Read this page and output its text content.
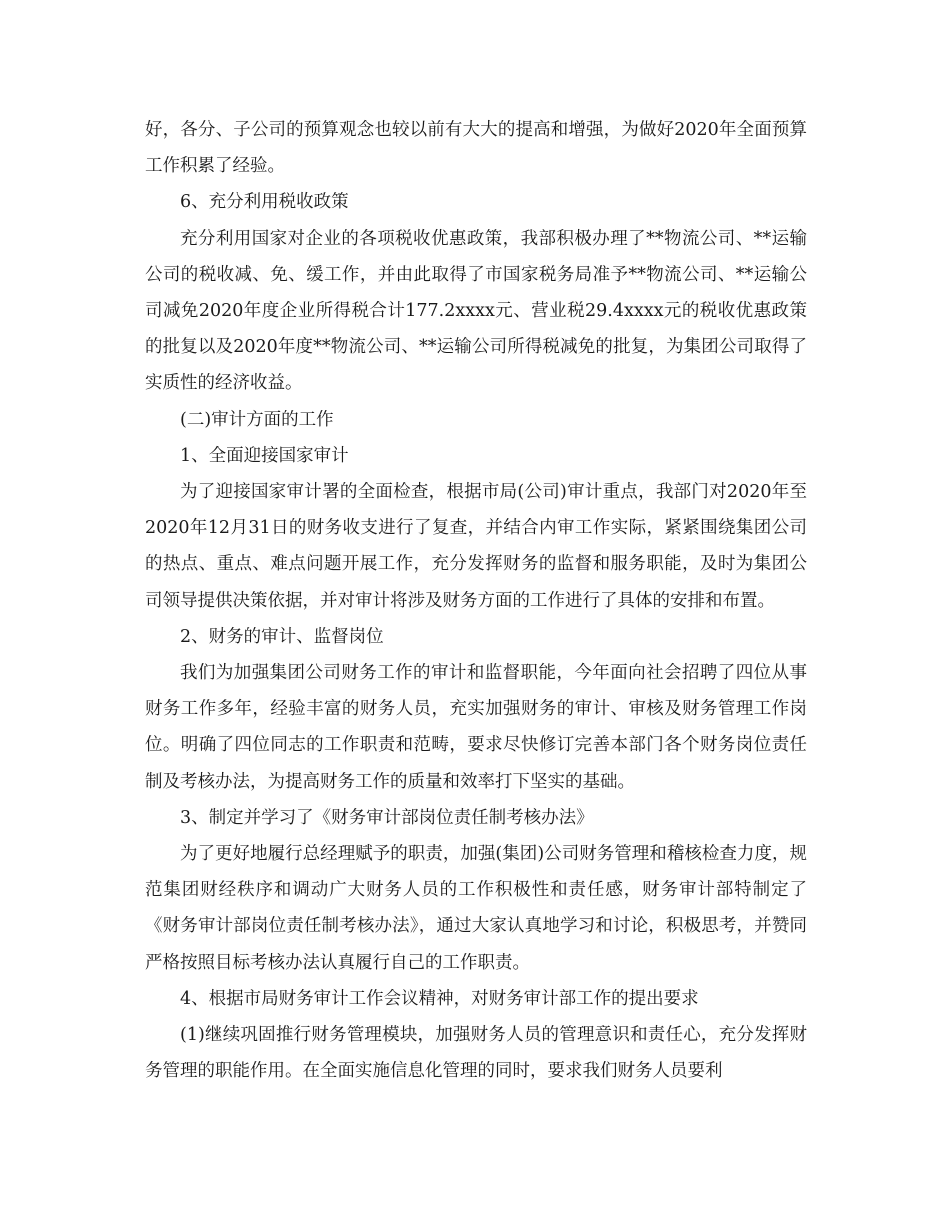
好，各分、子公司的预算观念也较以前有大大的提高和增强，为做好2020年全面预算工作积累了经验。

6、充分利用税收政策

充分利用国家对企业的各项税收优惠政策，我部积极办理了**物流公司、**运输公司的税收减、免、缓工作，并由此取得了市国家税务局准予**物流公司、**运输公司减免2020年度企业所得税合计177.2xxxx元、营业税29.4xxxx元的税收优惠政策的批复以及2020年度**物流公司、**运输公司所得税减免的批复，为集团公司取得了实质性的经济收益。

(二)审计方面的工作

1、全面迎接国家审计

为了迎接国家审计署的全面检查，根据市局(公司)审计重点，我部门对2020年至2020年12月31日的财务收支进行了复查，并结合内审工作实际，紧紧围绕集团公司的热点、重点、难点问题开展工作，充分发挥财务的监督和服务职能，及时为集团公司领导提供决策依据，并对审计将涉及财务方面的工作进行了具体的安排和布置。

2、财务的审计、监督岗位

我们为加强集团公司财务工作的审计和监督职能，今年面向社会招聘了四位从事财务工作多年，经验丰富的财务人员，充实加强财务的审计、审核及财务管理工作岗位。明确了四位同志的工作职责和范畴，要求尽快修订完善本部门各个财务岗位责任制及考核办法，为提高财务工作的质量和效率打下坚实的基础。

3、制定并学习了《财务审计部岗位责任制考核办法》

为了更好地履行总经理赋予的职责，加强(集团)公司财务管理和稽核检查力度，规范集团财经秩序和调动广大财务人员的工作积极性和责任感，财务审计部特制定了《财务审计部岗位责任制考核办法》，通过大家认真地学习和讨论，积极思考，并赞同严格按照目标考核办法认真履行自己的工作职责。

4、根据市局财务审计工作会议精神，对财务审计部工作的提出要求

(1)继续巩固推行财务管理模块，加强财务人员的管理意识和责任心，充分发挥财务管理的职能作用。在全面实施信息化管理的同时，要求我们财务人员要利
